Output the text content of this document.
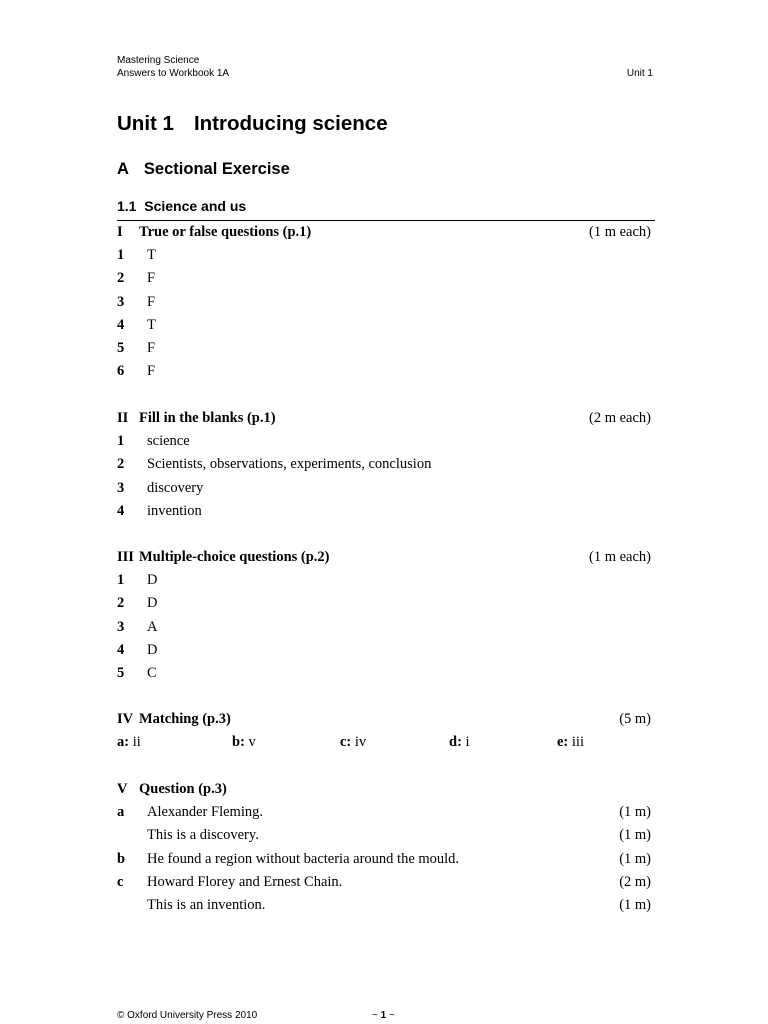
Mastering Science
Answers to Workbook 1A	Unit 1
Unit 1 Introducing science
A Sectional Exercise
1.1  Science and us
I True or false questions (p.1)	(1 m each)
1 T
2 F
3 F
4 T
5 F
6 F
II Fill in the blanks (p.1)	(2 m each)
1 science
2 Scientists, observations, experiments, conclusion
3 discovery
4 invention
III Multiple-choice questions (p.2)	(1 m each)
1 D
2 D
3 A
4 D
5 C
IV Matching (p.3)	(5 m)
a: ii	b: v	c: iv	d: i	e: iii
V Question (p.3)
a Alexander Fleming.	(1 m)
This is a discovery.	(1 m)
b He found a region without bacteria around the mould.	(1 m)
c Howard Florey and Ernest Chain.	(2 m)
This is an invention.	(1 m)
© Oxford University Press 2010	~ 1 ~
